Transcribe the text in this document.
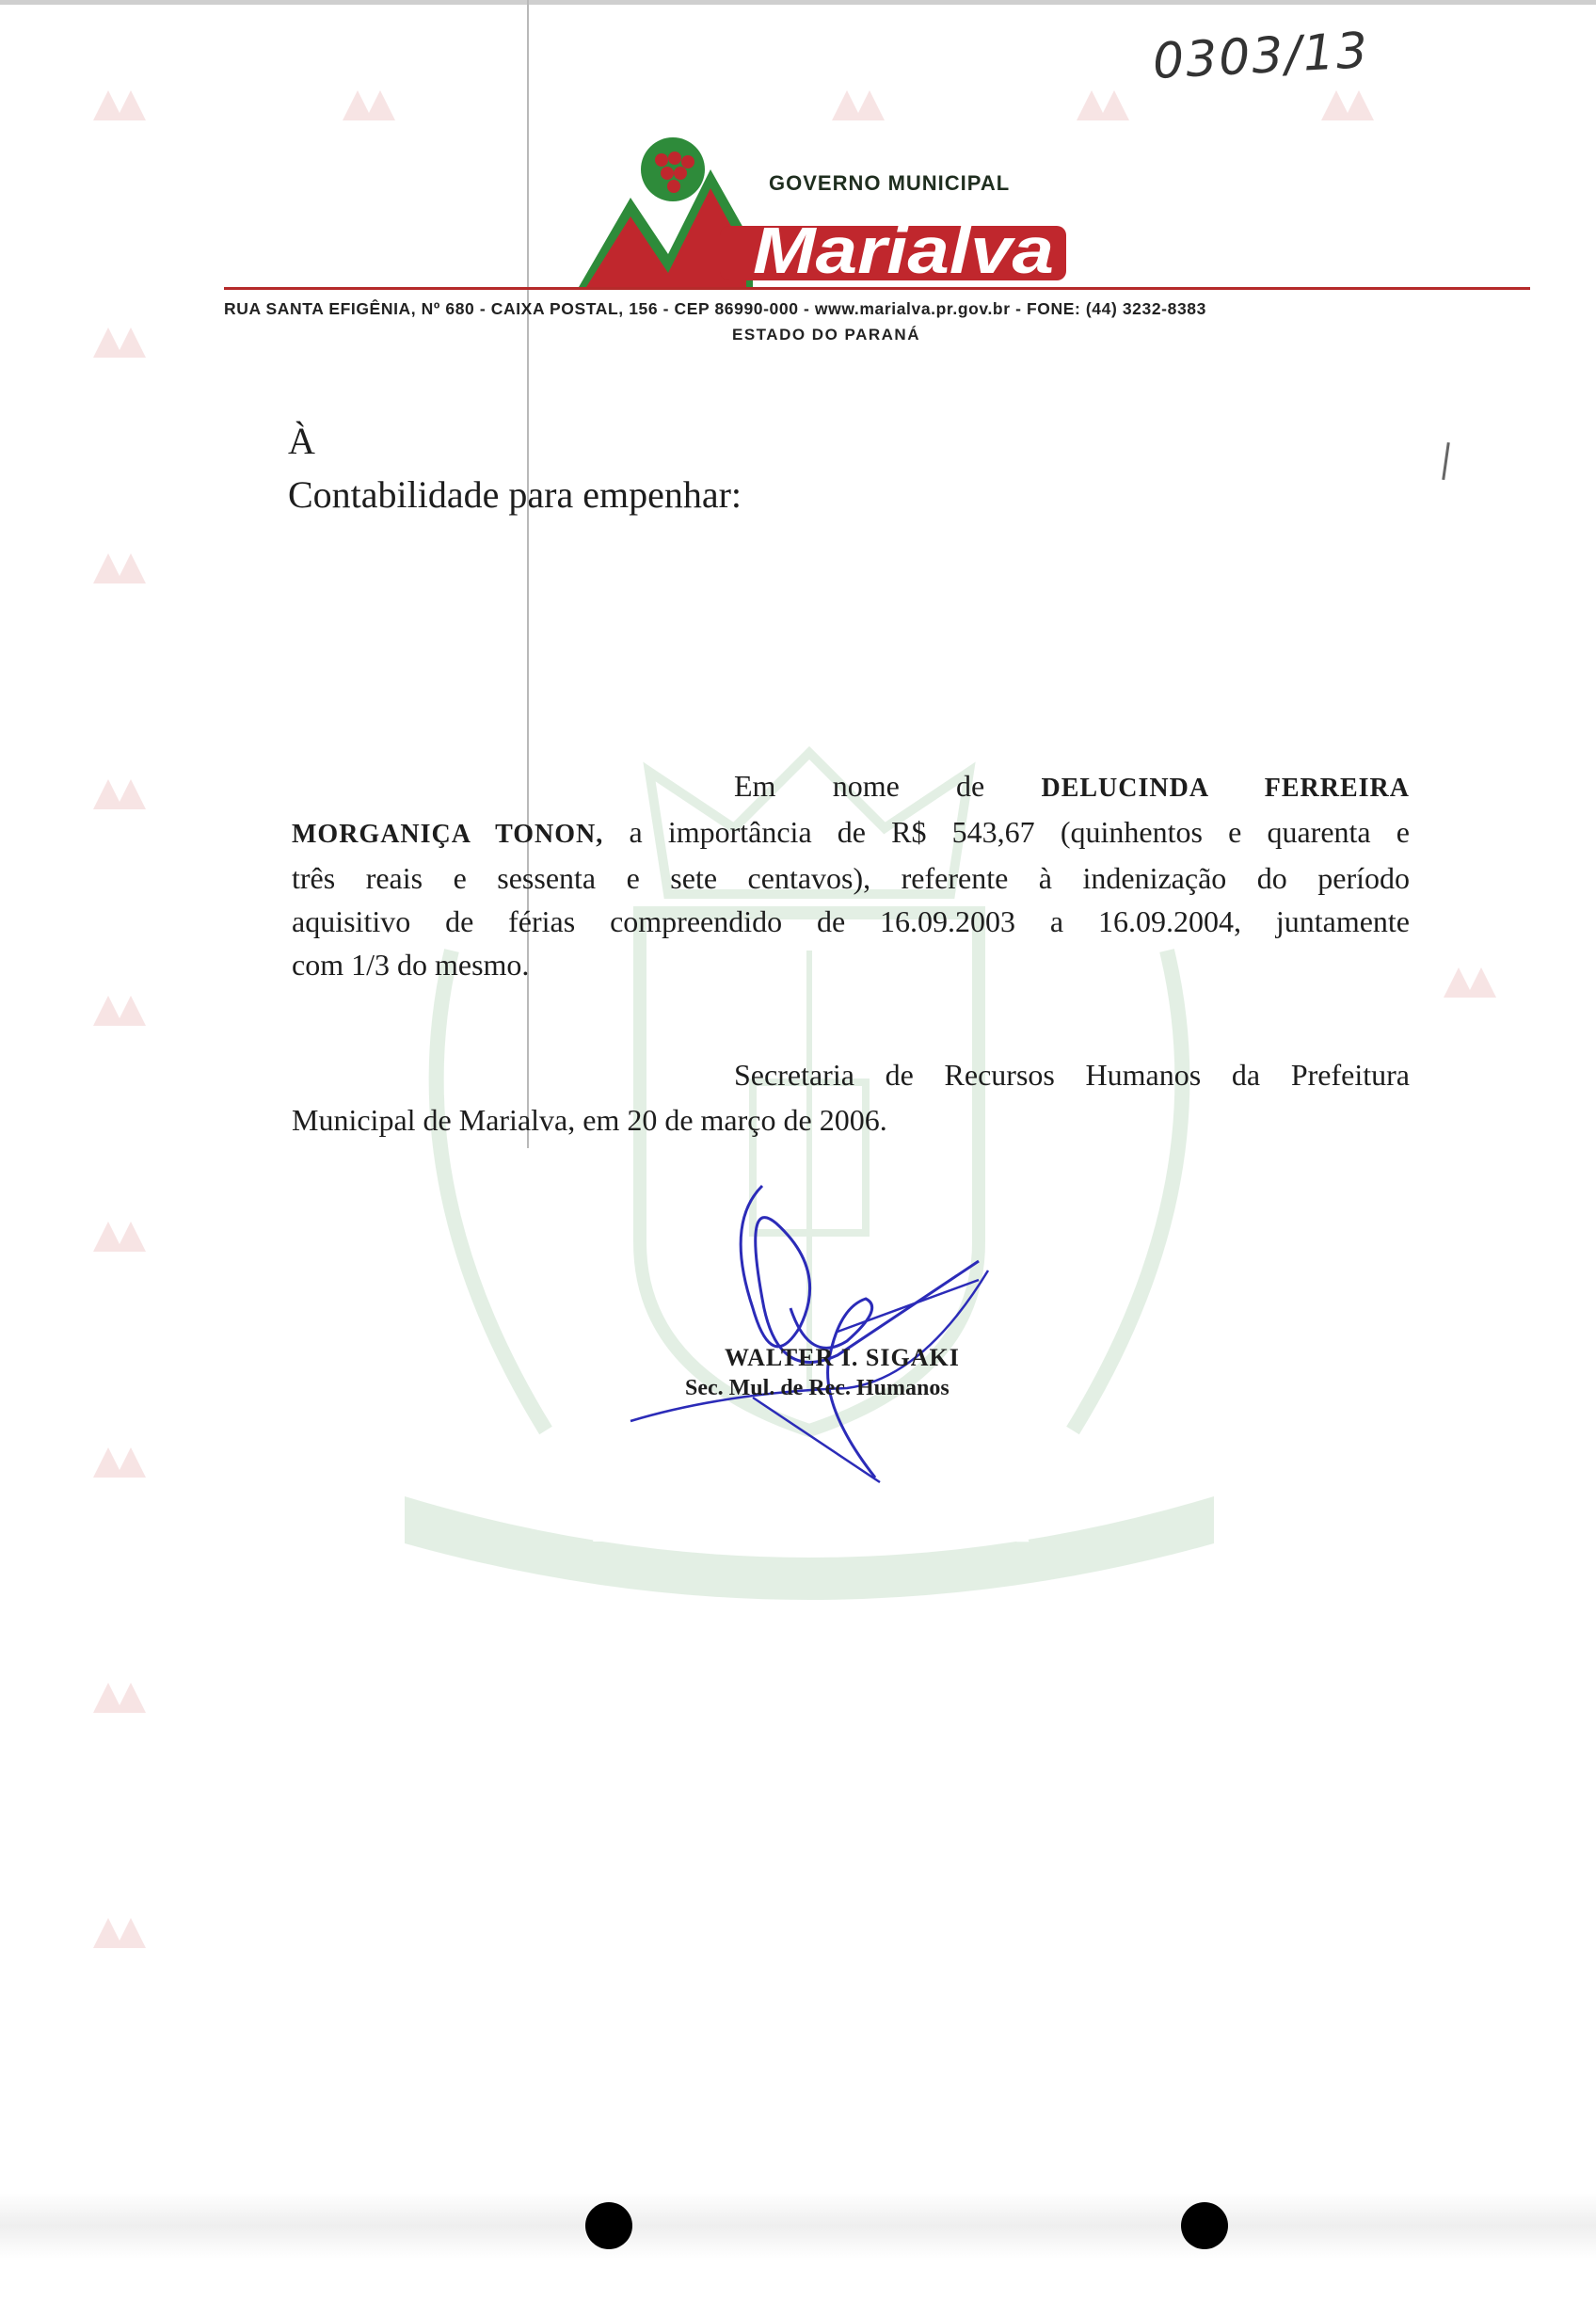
MARIALVA
0303/13
Marialva
GOVERNO MUNICIPAL
RUA SANTA EFIGÊNIA, Nº 680 - CAIXA POSTAL, 156 - CEP 86990-000 - www.marialva.pr.gov.br - FONE: (44) 3232-8383
ESTADO DO PARANÁ
À
Contabilidade para empenhar:
Em nome de DELUCINDA FERREIRA
MORGANIÇA TONON, a importância de R$ 543,67 (quinhentos e quarenta e
três reais e sessenta e sete centavos), referente à indenização do período
aquisitivo de férias compreendido de 16.09.2003 a 16.09.2004, juntamente
com 1/3 do mesmo.
Secretaria de Recursos Humanos da Prefeitura
Municipal de Marialva, em 20 de março de 2006.
WALTER I. SIGAKI
Sec. Mul. de Rec. Humanos
